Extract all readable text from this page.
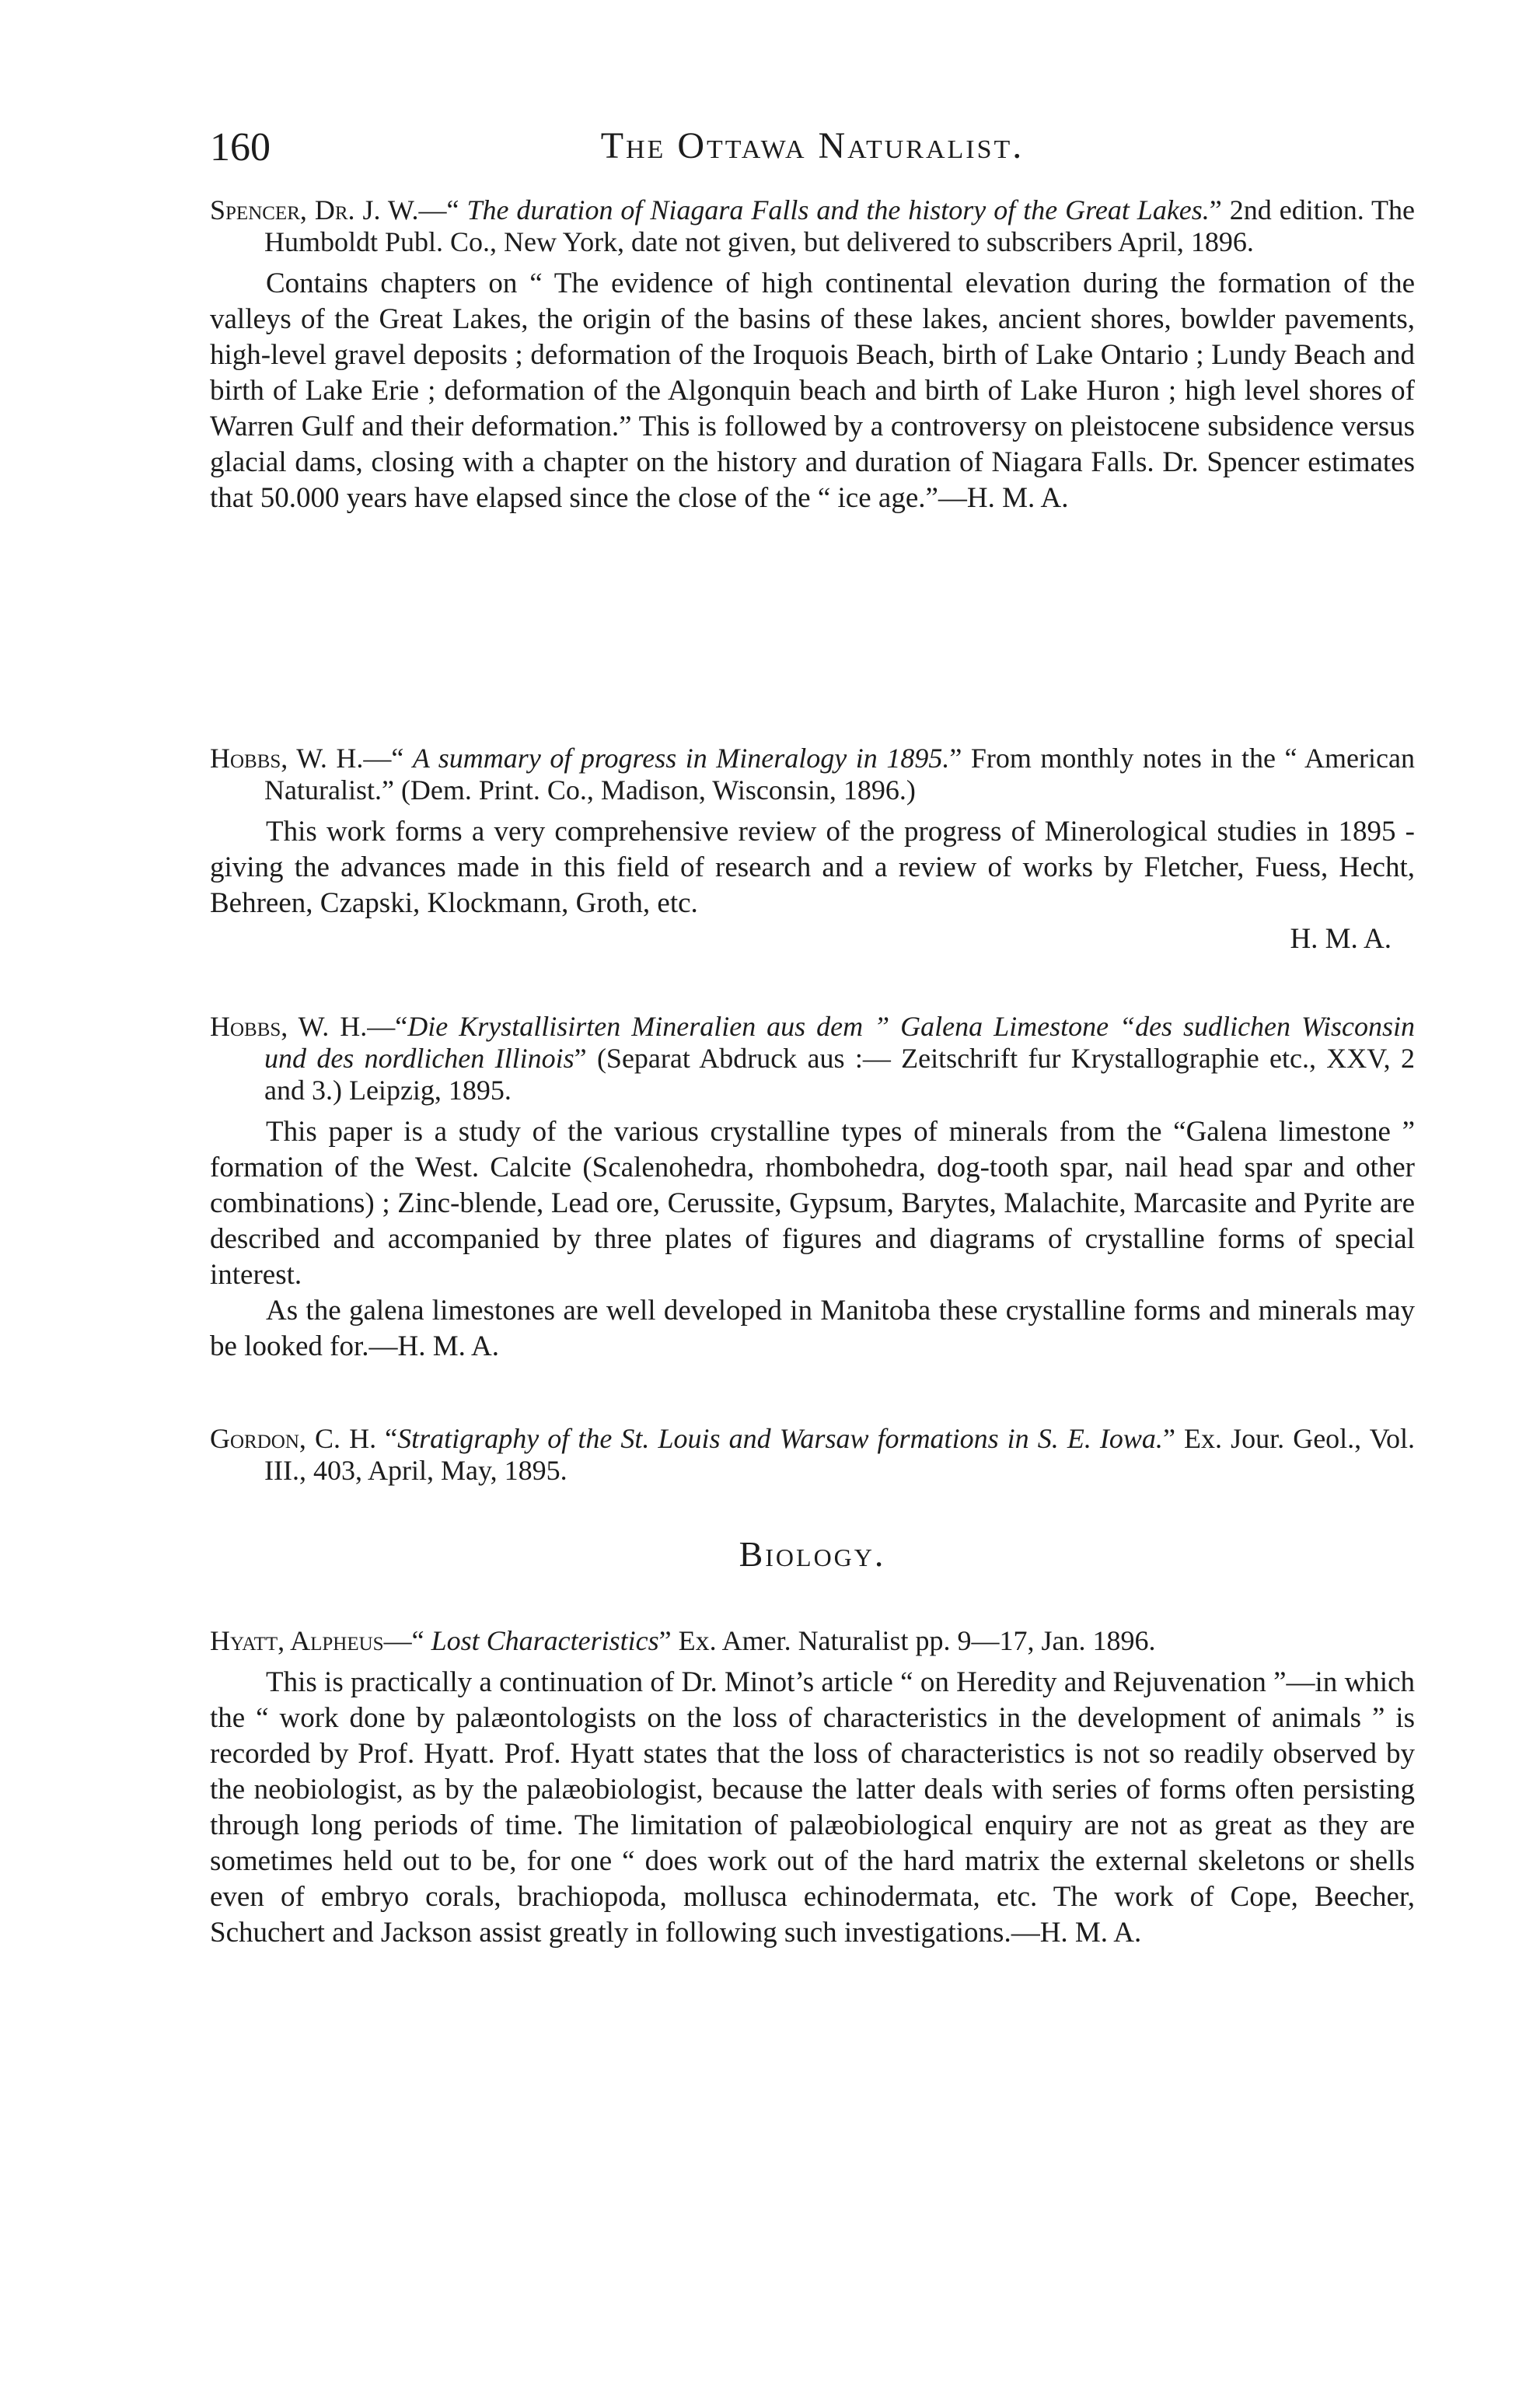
160	The Ottawa Naturalist.

Spencer, Dr. J. W.—“ The duration of Niagara Falls and the history of the Great Lakes.” 2nd edition. The Humboldt Publ. Co., New York, date not given, but delivered to subscribers April, 1896.

Contains chapters on “ The evidence of high continental elevation during the formation of the valleys of the Great Lakes, the origin of the basins of these lakes, ancient shores, bowlder pavements, high-level gravel deposits ; deformation of the Iroquois Beach, birth of Lake Ontario ; Lundy Beach and birth of Lake Erie ; deformation of the Algonquin beach and birth of Lake Huron ; high level shores of Warren Gulf and their deformation.” This is followed by a controversy on pleistocene subsidence versus glacial dams, closing with a chapter on the history and duration of Niagara Falls. Dr. Spencer estimates that 50.000 years have elapsed since the close of the “ ice age.”—H. M. A.

Hobbs, W. H.—“ A summary of progress in Mineralogy in 1895.” From monthly notes in the “ American Naturalist.” (Dem. Print. Co., Madison, Wisconsin, 1896.)

This work forms a very comprehensive review of the progress of Minerological studies in 1895 -giving the advances made in this field of research and a review of works by Fletcher, Fuess, Hecht, Behreen, Czapski, Klockmann, Groth, etc.

H. M. A.

Hobbs, W. H.—“Die Krystallisirten Mineralien aus dem ” Galena Limestone “des sudlichen Wisconsin und des nordlichen Illinois” (Separat Abdruck aus :— Zeitschrift fur Krystallographie etc., XXV, 2 and 3.) Leipzig, 1895.

This paper is a study of the various crystalline types of minerals from the “Galena limestone ” formation of the West. Calcite (Scalenohedra, rhombohedra, dog-tooth spar, nail head spar and other combinations) ; Zinc-blende, Lead ore, Cerussite, Gypsum, Barytes, Malachite, Marcasite and Pyrite are described and accompanied by three plates of figures and diagrams of crystalline forms of special interest.

As the galena limestones are well developed in Manitoba these crystalline forms and minerals may be looked for.—H. M. A.

Gordon, C. H. “Stratigraphy of the St. Louis and Warsaw formations in S. E. Iowa.” Ex. Jour. Geol., Vol. III., 403, April, May, 1895.

Biology.

Hyatt, Alpheus—“ Lost Characteristics” Ex. Amer. Naturalist pp. 9—17, Jan. 1896.

This is practically a continuation of Dr. Minot’s article “ on Heredity and Rejuvenation ”—in which the “ work done by palæontologists on the loss of characteristics in the development of animals ” is recorded by Prof. Hyatt. Prof. Hyatt states that the loss of characteristics is not so readily observed by the neobiologist, as by the palæobiologist, because the latter deals with series of forms often persisting through long periods of time. The limitation of palæobiological enquiry are not as great as they are sometimes held out to be, for one “ does work out of the hard matrix the external skeletons or shells even of embryo corals, brachiopoda, mollusca echinodermata, etc. The work of Cope, Beecher, Schuchert and Jackson assist greatly in following such investigations.—H. M. A.
